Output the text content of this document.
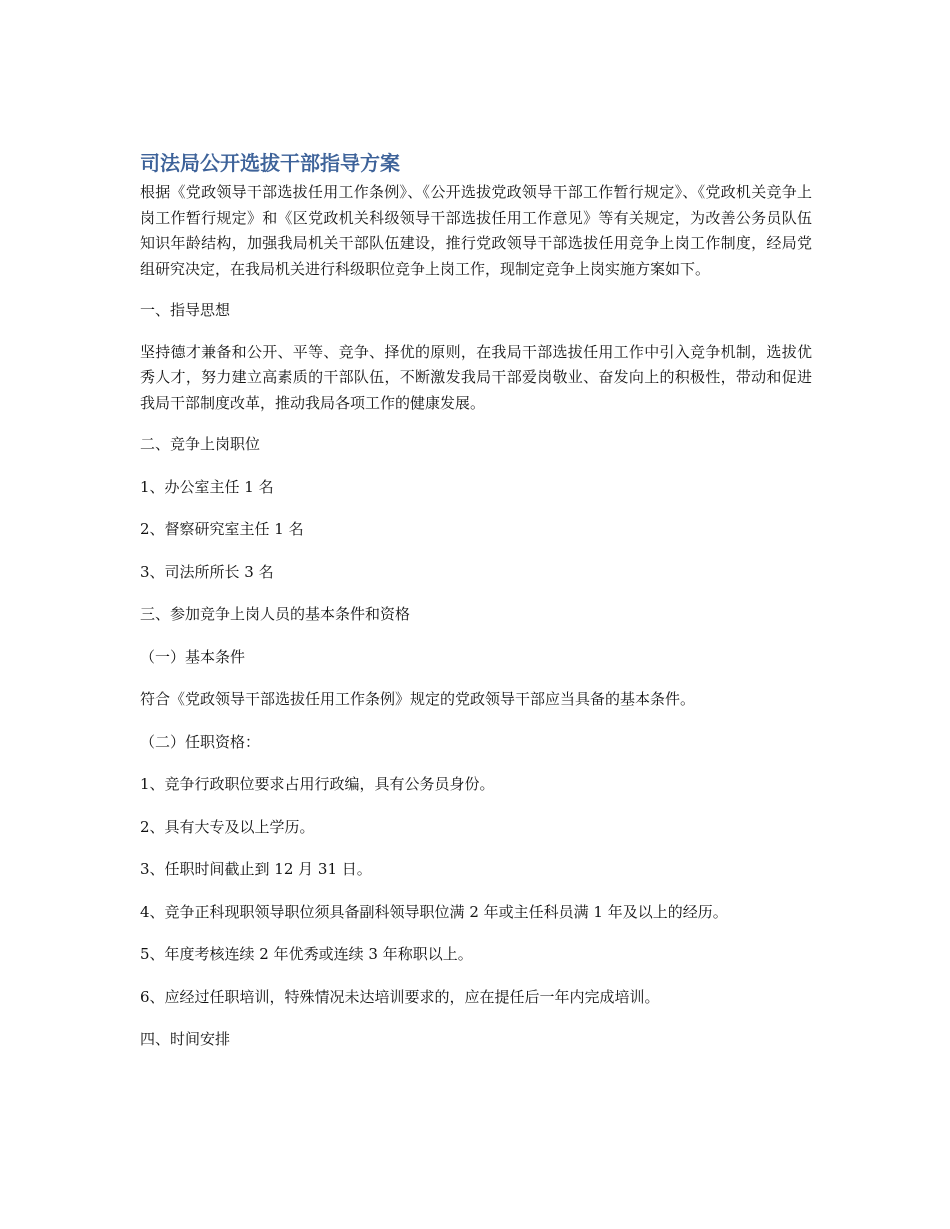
司法局公开选拔干部指导方案

根据《党政领导干部选拔任用工作条例》、《公开选拔党政领导干部工作暂行规定》、《党政机关竞争上岗工作暂行规定》和《区党政机关科级领导干部选拔任用工作意见》等有关规定，为改善公务员队伍知识年龄结构，加强我局机关干部队伍建设，推行党政领导干部选拔任用竞争上岗工作制度，经局党组研究决定，在我局机关进行科级职位竞争上岗工作，现制定竞争上岗实施方案如下。

一、指导思想

坚持德才兼备和公开、平等、竞争、择优的原则，在我局干部选拔任用工作中引入竞争机制，选拔优秀人才，努力建立高素质的干部队伍，不断激发我局干部爱岗敬业、奋发向上的积极性，带动和促进我局干部制度改革，推动我局各项工作的健康发展。

二、竞争上岗职位

1、办公室主任 1 名

2、督察研究室主任 1 名

3、司法所所长 3 名

三、参加竞争上岗人员的基本条件和资格

（一）基本条件

符合《党政领导干部选拔任用工作条例》规定的党政领导干部应当具备的基本条件。

（二）任职资格：

1、竞争行政职位要求占用行政编，具有公务员身份。

2、具有大专及以上学历。

3、任职时间截止到 12 月 31 日。

4、竞争正科现职领导职位须具备副科领导职位满 2 年或主任科员满 1 年及以上的经历。

5、年度考核连续 2 年优秀或连续 3 年称职以上。

6、应经过任职培训，特殊情况未达培训要求的，应在提任后一年内完成培训。

四、时间安排
